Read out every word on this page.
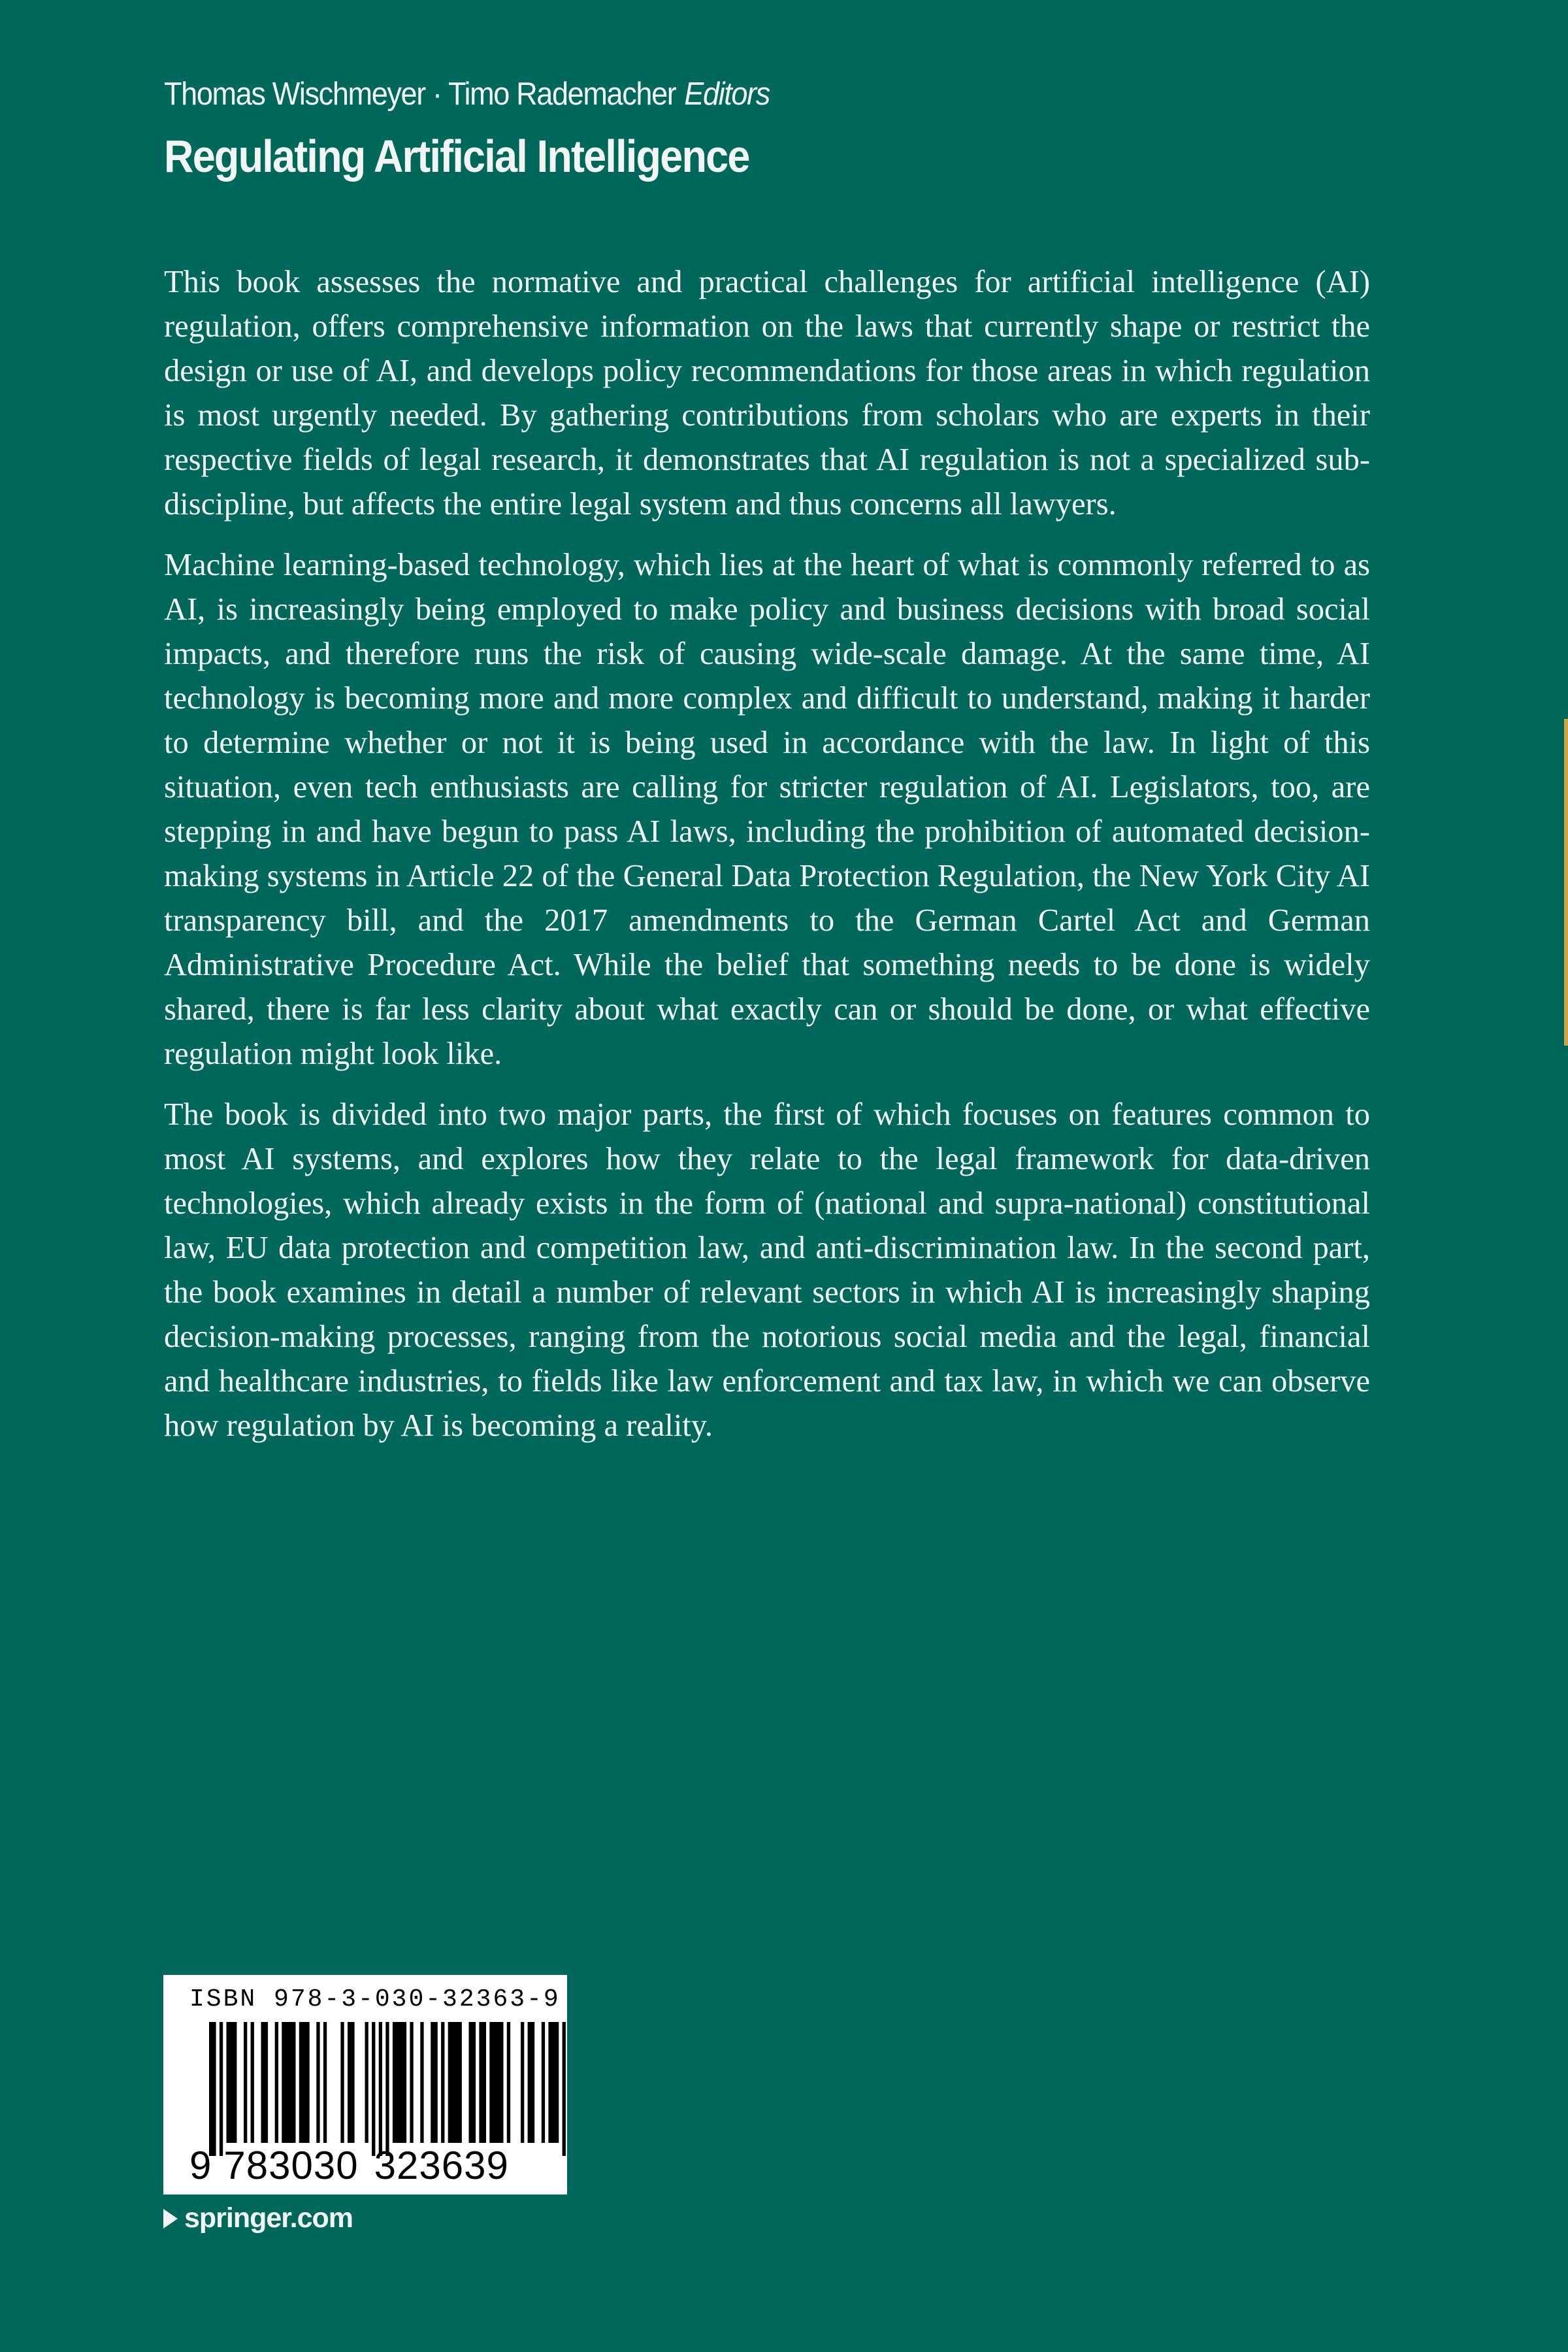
Thomas Wischmeyer · Timo Rademacher Editors
Regulating Artificial Intelligence

This book assesses the normative and practical challenges for artificial intelligence (AI) regulation, offers comprehensive information on the laws that currently shape or restrict the design or use of AI, and develops policy recommendations for those areas in which regulation is most urgently needed. By gathering contributions from scholars who are experts in their respective fields of legal research, it demonstrates that AI regulation is not a specialized sub-discipline, but affects the entire legal system and thus concerns all lawyers.

Machine learning-based technology, which lies at the heart of what is commonly referred to as AI, is increasingly being employed to make policy and business decisions with broad social impacts, and therefore runs the risk of causing wide-scale damage. At the same time, AI technology is becoming more and more complex and difficult to understand, making it harder to determine whether or not it is being used in accordance with the law. In light of this situation, even tech enthusiasts are calling for stricter regulation of AI. Legislators, too, are stepping in and have begun to pass AI laws, including the prohibition of automated decision-making systems in Article 22 of the General Data Protection Regulation, the New York City AI transparency bill, and the 2017 amendments to the German Cartel Act and German Administrative Procedure Act. While the belief that something needs to be done is widely shared, there is far less clarity about what exactly can or should be done, or what effective regulation might look like.

The book is divided into two major parts, the first of which focuses on features common to most AI systems, and explores how they relate to the legal framework for data-driven technologies, which already exists in the form of (national and supra-national) constitutional law, EU data protection and competition law, and anti-discrimination law. In the second part, the book examines in detail a number of relevant sectors in which AI is increasingly shaping decision-making processes, ranging from the notorious social media and the legal, financial and healthcare industries, to fields like law enforcement and tax law, in which we can observe how regulation by AI is becoming a reality.

ISBN 978-3-030-32363-9
9 783030 323639
springer.com
